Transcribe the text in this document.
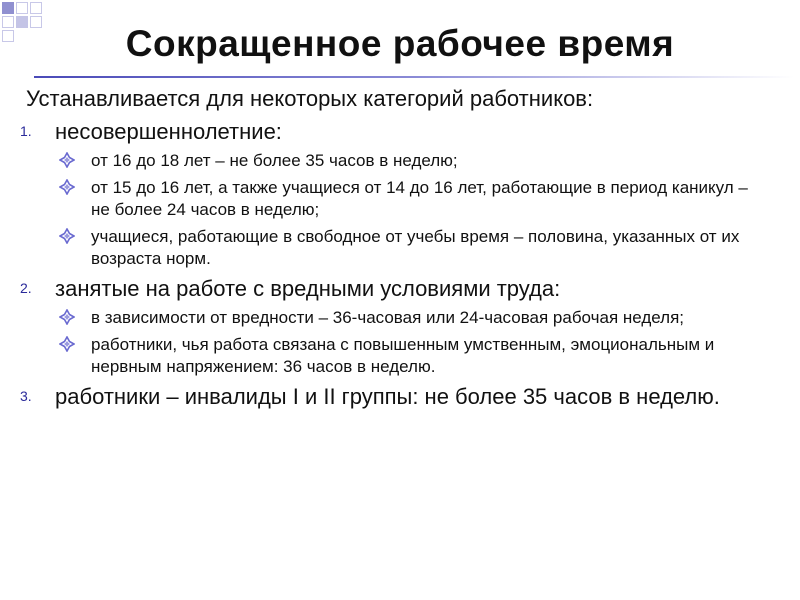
Сокращенное рабочее время
Устанавливается для некоторых категорий работников:
1. несовершеннолетние:
от 16 до 18 лет – не более 35 часов в неделю;
от 15 до 16 лет, а также учащиеся от 14 до 16 лет, работающие в период каникул – не более 24 часов в неделю;
учащиеся, работающие в свободное от учебы время – половина, указанных от их возраста норм.
2. занятые на работе с вредными условиями труда:
в зависимости от вредности – 36-часовая или 24-часовая рабочая неделя;
работники, чья работа связана с повышенным умственным, эмоциональным и нервным напряжением: 36 часов в неделю.
3. работники – инвалиды I и II группы: не более 35 часов в неделю.
